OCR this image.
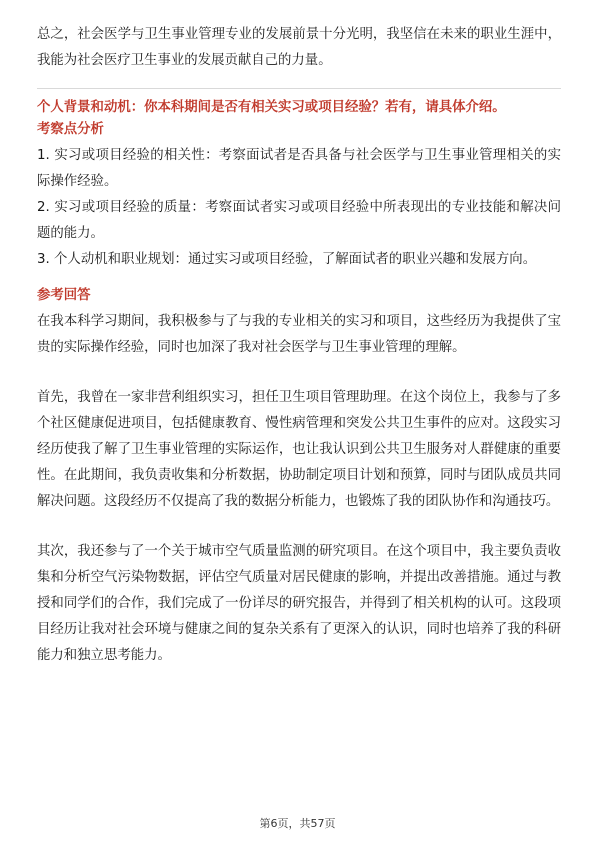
总之，社会医学与卫生事业管理专业的发展前景十分光明，我坚信在未来的职业生涯中，我能为社会医疗卫生事业的发展贡献自己的力量。

个人背景和动机：你本科期间是否有相关实习或项目经验？若有，请具体介绍。

考察点分析

1. 实习或项目经验的相关性：考察面试者是否具备与社会医学与卫生事业管理相关的实际操作经验。

2. 实习或项目经验的质量：考察面试者实习或项目经验中所表现出的专业技能和解决问题的能力。

3. 个人动机和职业规划：通过实习或项目经验，了解面试者的职业兴趣和发展方向。

参考回答

在我本科学习期间，我积极参与了与我的专业相关的实习和项目，这些经历为我提供了宝贵的实际操作经验，同时也加深了我对社会医学与卫生事业管理的理解。

首先，我曾在一家非营利组织实习，担任卫生项目管理助理。在这个岗位上，我参与了多个社区健康促进项目，包括健康教育、慢性病管理和突发公共卫生事件的应对。这段实习经历使我了解了卫生事业管理的实际运作，也让我认识到公共卫生服务对人群健康的重要性。在此期间，我负责收集和分析数据，协助制定项目计划和预算，同时与团队成员共同解决问题。这段经历不仅提高了我的数据分析能力，也锻炼了我的团队协作和沟通技巧。

其次，我还参与了一个关于城市空气质量监测的研究项目。在这个项目中，我主要负责收集和分析空气污染物数据，评估空气质量对居民健康的影响，并提出改善措施。通过与教授和同学们的合作，我们完成了一份详尽的研究报告，并得到了相关机构的认可。这段项目经历让我对社会环境与健康之间的复杂关系有了更深入的认识，同时也培养了我的科研能力和独立思考能力。

第6页，共57页
